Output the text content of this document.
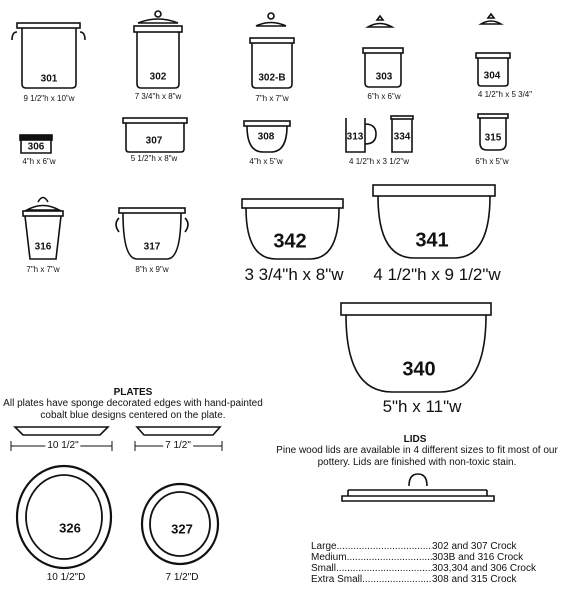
301
9 1/2"h x 10"w
302
7 3/4"h x 8"w
302-B
7"h x 7"w
303
6"h x 6"w
304
4 1/2"h x 5 3/4"
306
4"h x 6"w
307
5 1/2"h x 8"w
308
4"h x 5"w
313
4 1/2"h x 3 1/2"w
334	315
6"h x 5"w
316
7"h x 7"w
317
8"h x 9"w
342
3 3/4"h x 8"w
341
4 1/2"h x 9 1/2"w
340
5"h x 11"w
PLATES
All plates have sponge decorated edges with hand-painted cobalt blue designs centered on the plate.
10 1/2"	7 1/2"
326	327
10 1/2"D	7 1/2"D
LIDS
Pine wood lids are available in 4 different sizes to fit most of our pottery. Lids are finished with non-toxic stain.
Large .....	302 and 307 Crock
Medium .....	303B and 316 Crock
Small .....	303,304 and 306 Crock
Extra Small .....	308 and 315 Crock
